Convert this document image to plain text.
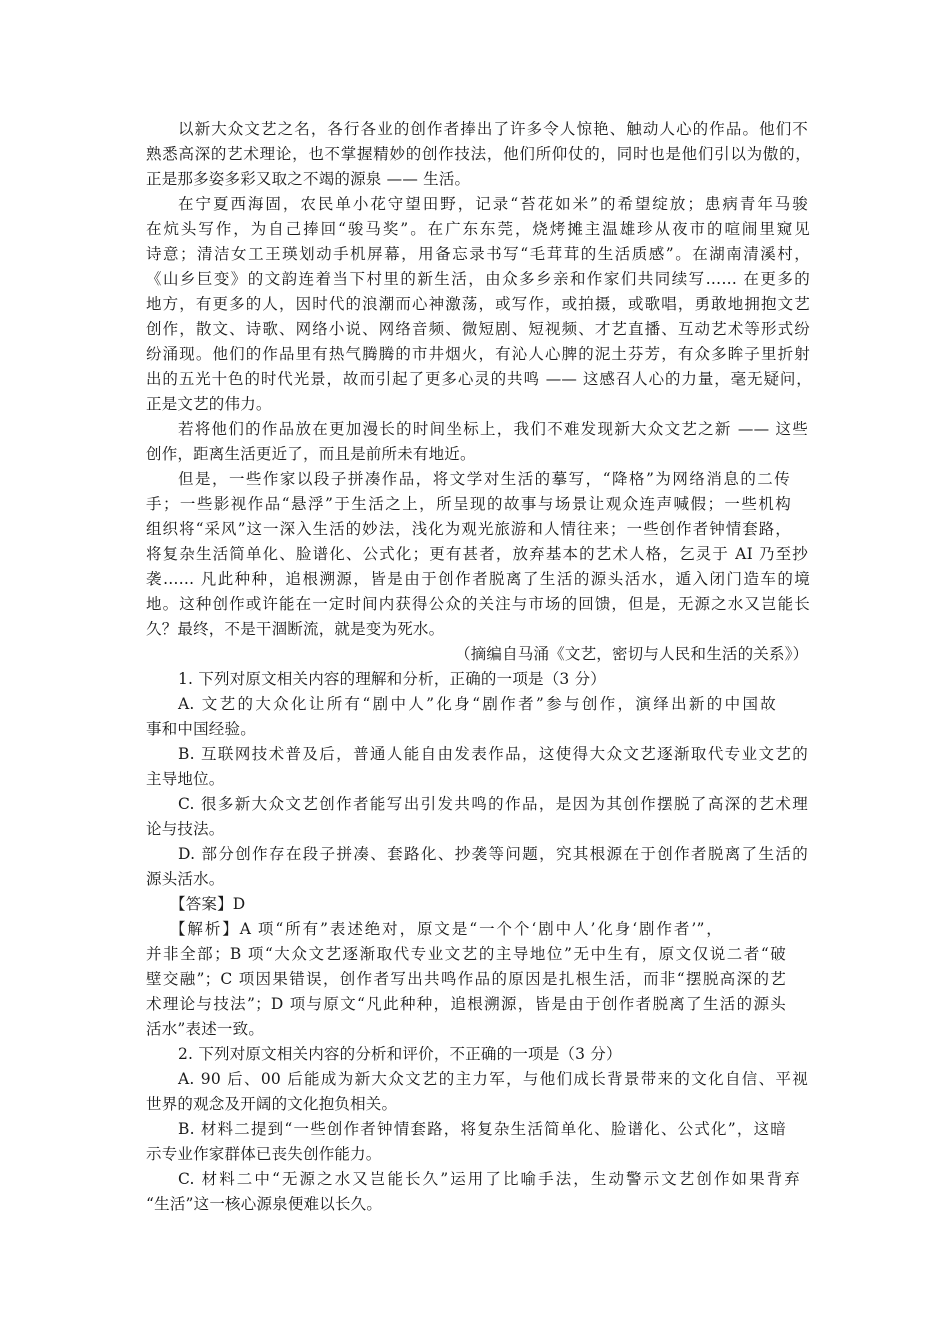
以新大众文艺之名，各行各业的创作者捧出了许多令人惊艳、触动人心的作品。他们不
熟悉高深的艺术理论，也不掌握精妙的创作技法，他们所仰仗的，同时也是他们引以为傲的，
正是那多姿多彩又取之不竭的源泉 —— 生活。
在宁夏西海固，农民单小花守望田野，记录“苔花如米”的希望绽放；患病青年马骏
在炕头写作，为自己捧回“骏马奖”。在广东东莞，烧烤摊主温雄珍从夜市的喧闹里窥见
诗意；清洁女工王瑛划动手机屏幕，用备忘录书写“毛茸茸的生活质感”。在湖南清溪村，
《山乡巨变》的文韵连着当下村里的新生活，由众多乡亲和作家们共同续写…… 在更多的
地方，有更多的人，因时代的浪潮而心神激荡，或写作，或拍摄，或歌唱，勇敢地拥抱文艺
创作，散文、诗歌、网络小说、网络音频、微短剧、短视频、才艺直播、互动艺术等形式纷
纷涌现。他们的作品里有热气腾腾的市井烟火，有沁人心脾的泥土芬芳，有众多眸子里折射
出的五光十色的时代光景，故而引起了更多心灵的共鸣 —— 这感召人心的力量，毫无疑问，
正是文艺的伟力。
若将他们的作品放在更加漫长的时间坐标上，我们不难发现新大众文艺之新 —— 这些
创作，距离生活更近了，而且是前所未有地近。
但是，一些作家以段子拼凑作品，将文学对生活的摹写，“降格”为网络消息的二传
手；一些影视作品“悬浮”于生活之上，所呈现的故事与场景让观众连声喊假；一些机构
组织将“采风”这一深入生活的妙法，浅化为观光旅游和人情往来；一些创作者钟情套路，
将复杂生活简单化、脸谱化、公式化；更有甚者，放弃基本的艺术人格，乞灵于 AI 乃至抄
袭…… 凡此种种，追根溯源，皆是由于创作者脱离了生活的源头活水，遁入闭门造车的境
地。这种创作或许能在一定时间内获得公众的关注与市场的回馈，但是，无源之水又岂能长
久？最终，不是干涸断流，就是变为死水。
（摘编自马涌《文艺，密切与人民和生活的关系》）
1. 下列对原文相关内容的理解和分析，正确的一项是（3 分）
A. 文艺的大众化让所有“剧中人”化身“剧作者”参与创作，演绎出新的中国故
事和中国经验。
B. 互联网技术普及后，普通人能自由发表作品，这使得大众文艺逐渐取代专业文艺的
主导地位。
C. 很多新大众文艺创作者能写出引发共鸣的作品，是因为其创作摆脱了高深的艺术理
论与技法。
D. 部分创作存在段子拼凑、套路化、抄袭等问题，究其根源在于创作者脱离了生活的
源头活水。
【答案】D
【解析】A 项“所有”表述绝对，原文是“一个个‘剧中人’化身‘剧作者’”，
并非全部；B 项“大众文艺逐渐取代专业文艺的主导地位”无中生有，原文仅说二者“破
壁交融”；C 项因果错误，创作者写出共鸣作品的原因是扎根生活，而非“摆脱高深的艺
术理论与技法”；D 项与原文“凡此种种，追根溯源，皆是由于创作者脱离了生活的源头
活水”表述一致。
2. 下列对原文相关内容的分析和评价，不正确的一项是（3 分）
A. 90 后、00 后能成为新大众文艺的主力军，与他们成长背景带来的文化自信、平视
世界的观念及开阔的文化抱负相关。
B. 材料二提到“一些创作者钟情套路，将复杂生活简单化、脸谱化、公式化”，这暗
示专业作家群体已丧失创作能力。
C. 材料二中“无源之水又岂能长久”运用了比喻手法，生动警示文艺创作如果背弃
“生活”这一核心源泉便难以长久。
